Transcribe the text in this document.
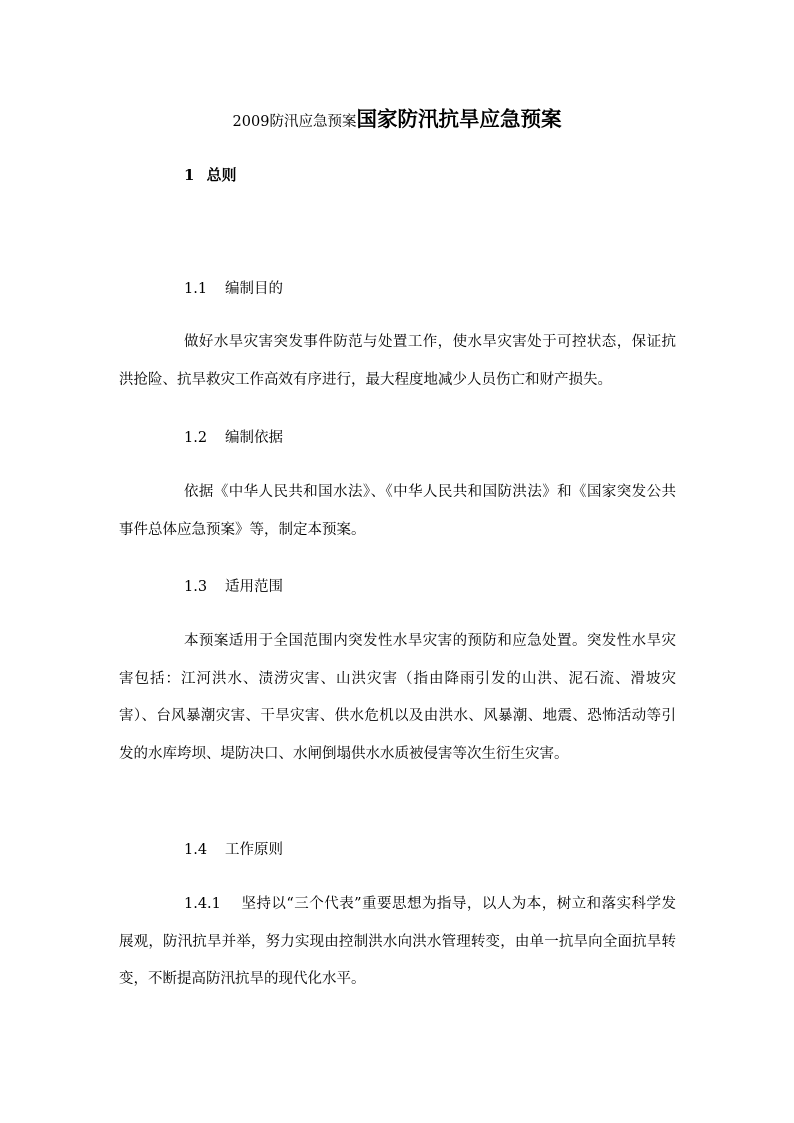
2009防汛应急预案国家防汛抗旱应急预案
1 总则
1.1 编制目的

做好水旱灾害突发事件防范与处置工作，使水旱灾害处于可控状态，保证抗洪抢险、抗旱救灾工作高效有序进行，最大程度地减少人员伤亡和财产损失。

1.2 编制依据

依据《中华人民共和国水法》、《中华人民共和国防洪法》和《国家突发公共事件总体应急预案》等，制定本预案。

1.3 适用范围

本预案适用于全国范围内突发性水旱灾害的预防和应急处置。突发性水旱灾害包括：江河洪水、渍涝灾害、山洪灾害（指由降雨引发的山洪、泥石流、滑坡灾害）、台风暴潮灾害、干旱灾害、供水危机以及由洪水、风暴潮、地震、恐怖活动等引发的水库垮坝、堤防决口、水闸倒塌供水水质被侵害等次生衍生灾害。

1.4 工作原则

1.4.1 坚持以“三个代表”重要思想为指导，以人为本，树立和落实科学发展观，防汛抗旱并举，努力实现由控制洪水向洪水管理转变，由单一抗旱向全面抗旱转变，不断提高防汛抗旱的现代化水平。
